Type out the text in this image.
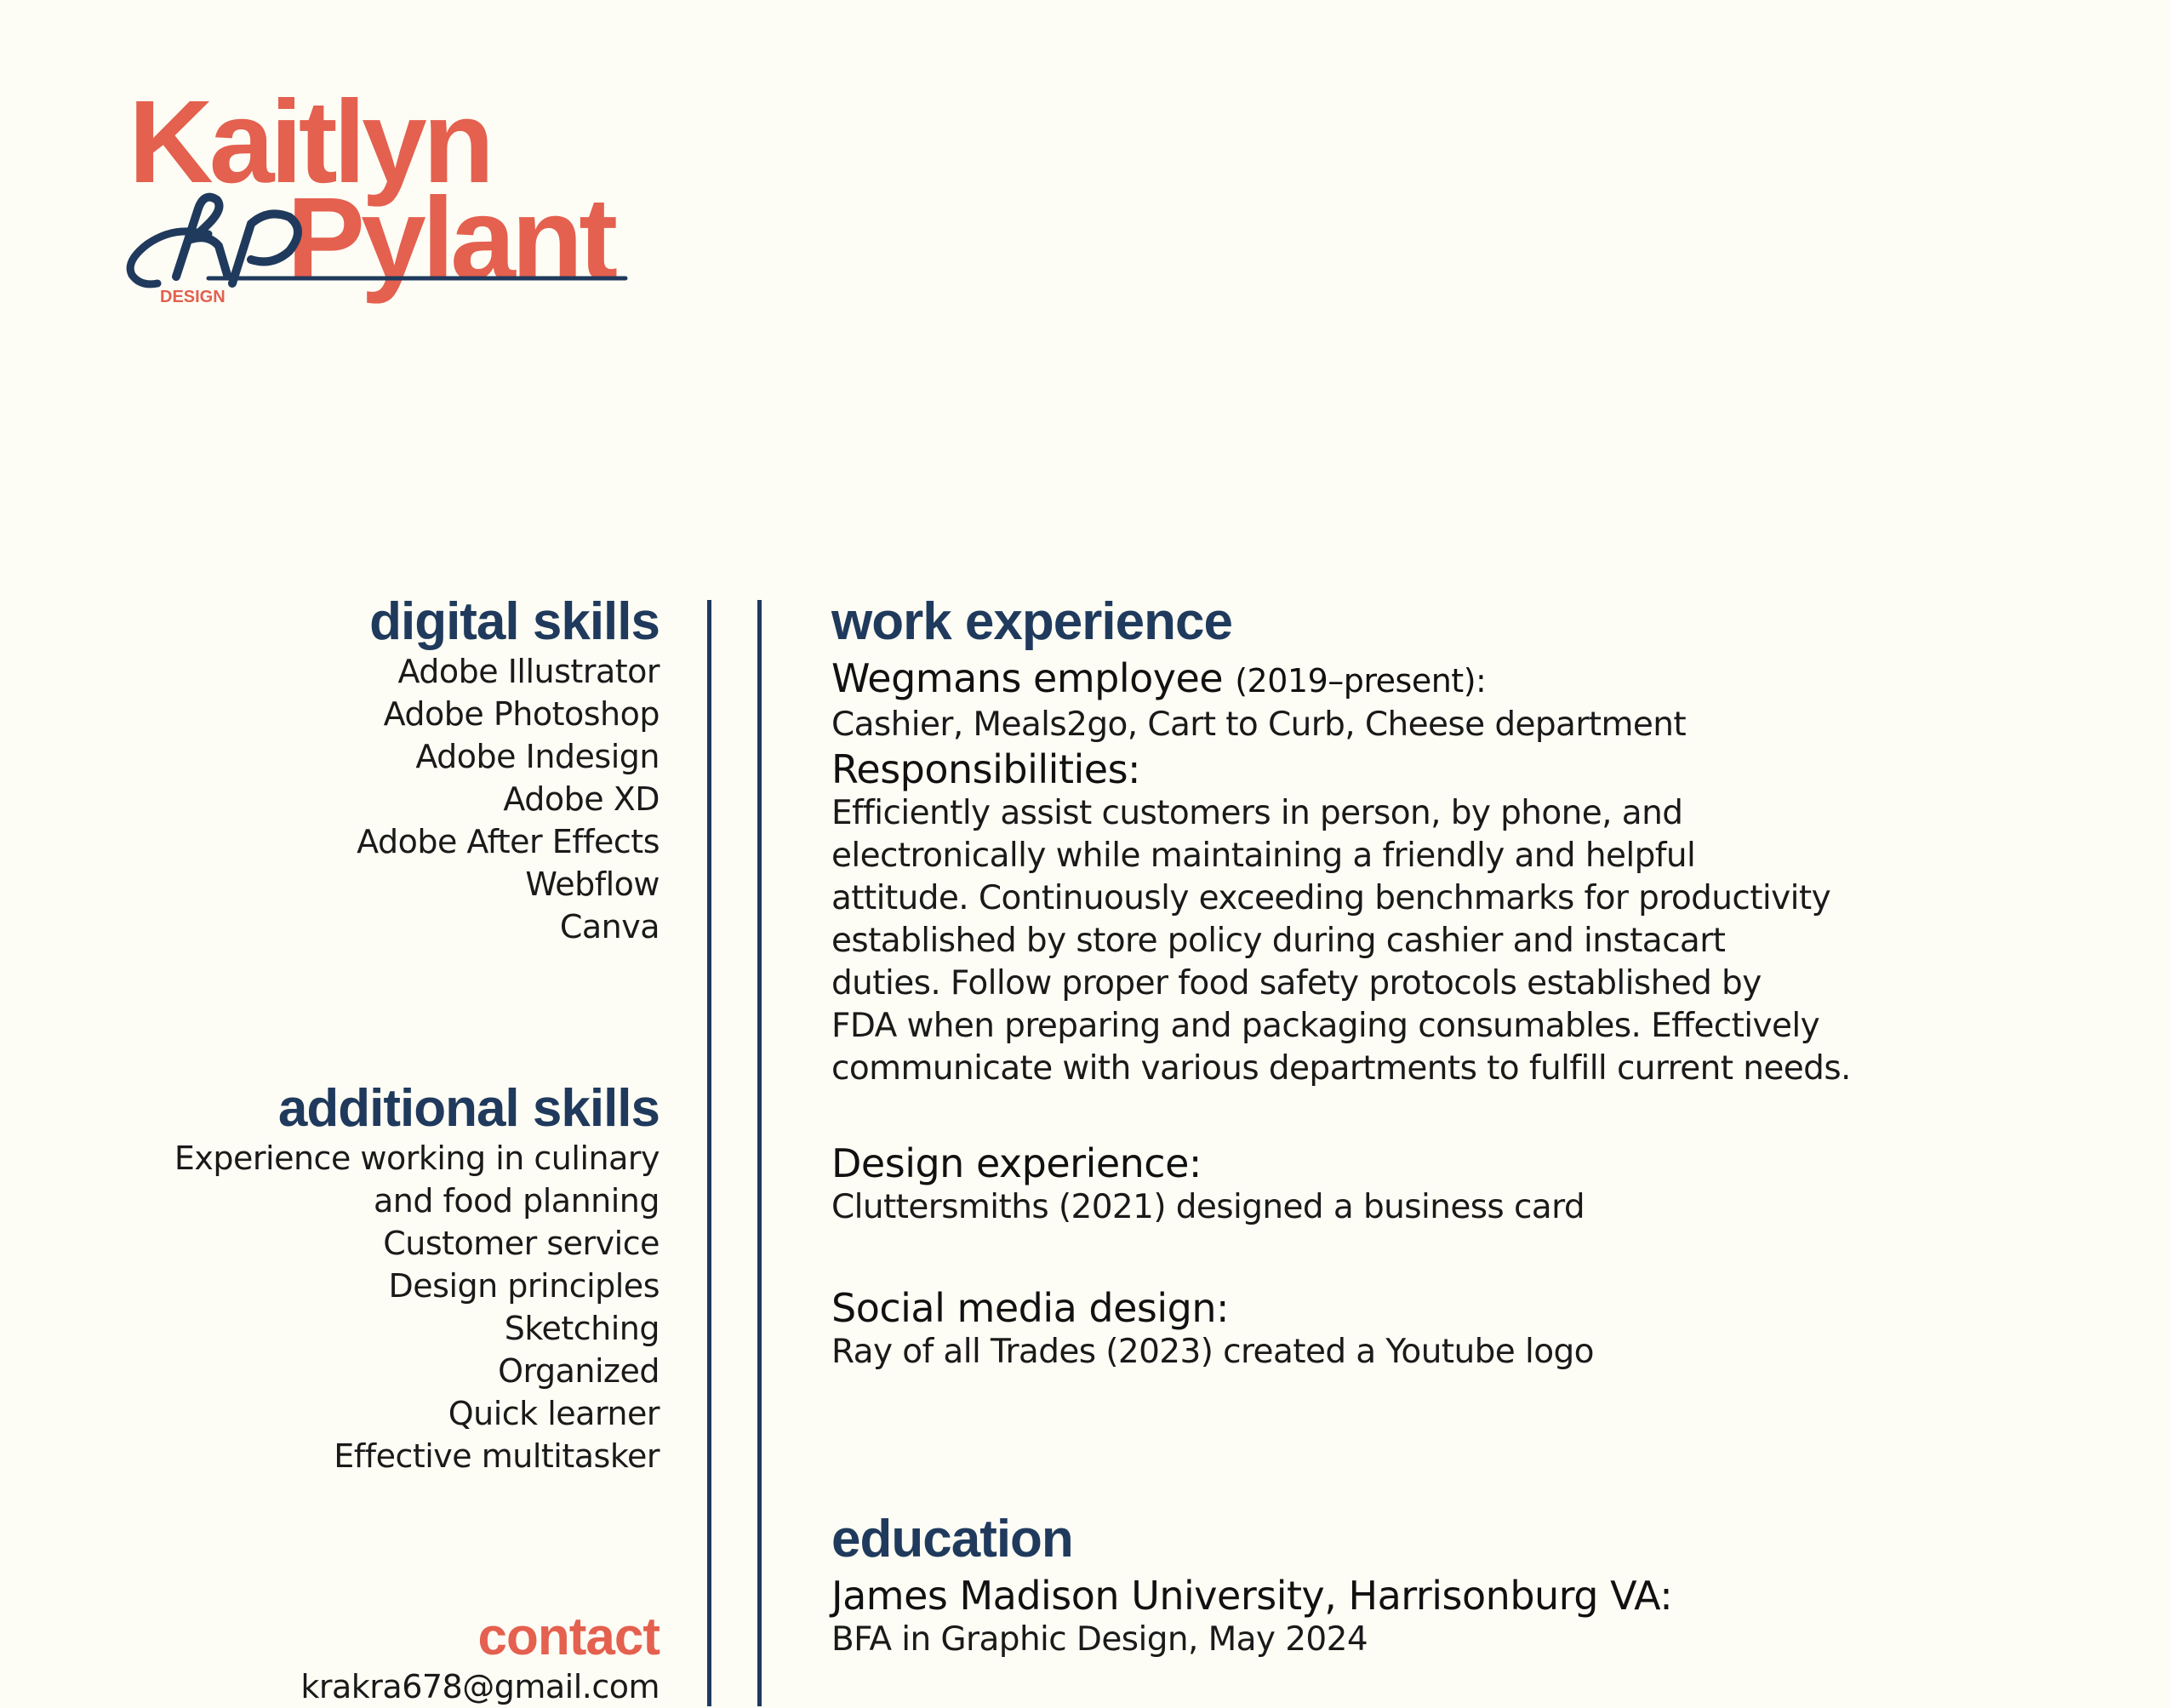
Kaitlyn
Pylant
DESIGN
digital skills
Adobe Illustrator
Adobe Photoshop
Adobe Indesign
Adobe XD
Adobe After Effects
Webflow
Canva
additional skills
Experience working in culinary
and food planning
Customer service
Design principles
Sketching
Organized
Quick learner
Effective multitasker
contact
krakra678@gmail.com
work experience
Wegmans employee (2019–present):
Cashier, Meals2go, Cart to Curb, Cheese department
Responsibilities:
Efficiently assist customers in person, by phone, and
electronically while maintaining a friendly and helpful
attitude. Continuously exceeding benchmarks for productivity
established by store policy during cashier and instacart
duties. Follow proper food safety protocols established by
FDA when preparing and packaging consumables. Effectively
communicate with various departments to fulfill current needs.
Design experience:
Cluttersmiths (2021) designed a business card
Social media design:
Ray of all Trades (2023) created a Youtube logo
education
James Madison University, Harrisonburg VA:
BFA in Graphic Design, May 2024
